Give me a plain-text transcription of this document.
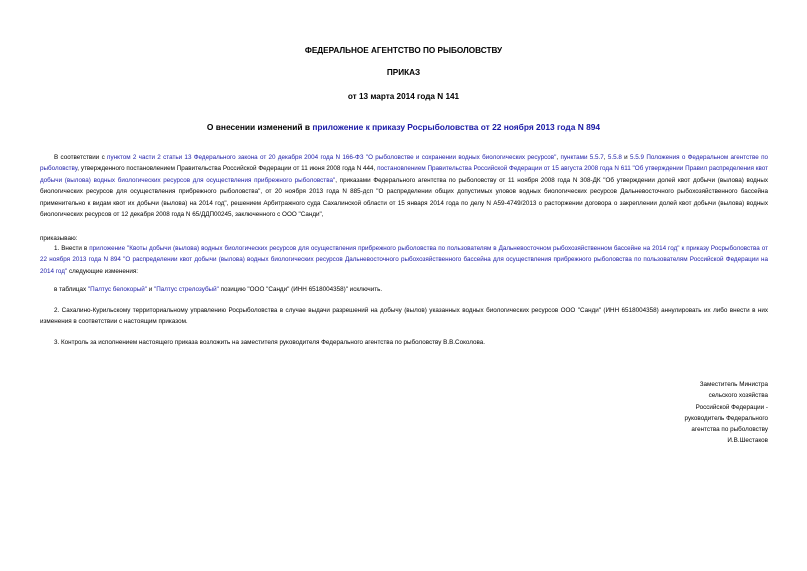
ФЕДЕРАЛЬНОЕ АГЕНТСТВО ПО РЫБОЛОВСТВУ
ПРИКАЗ
от 13 марта 2014 года N 141
О внесении изменений в приложение к приказу Росрыболовства от 22 ноября 2013 года N 894
В соответствии с пунктом 2 части 2 статьи 13 Федерального закона от 20 декабря 2004 года N 166-ФЗ "О рыболовстве и сохранении водных биологических ресурсов", пунктами 5.5.7, 5.5.8 и 5.5.9 Положения о Федеральном агентстве по рыболовству, утвержденного постановлением Правительства Российской Федерации от 11 июня 2008 года N 444, постановлением Правительства Российской Федерации от 15 августа 2008 года N 611 "Об утверждении Правил распределения квот добычи (вылова) водных биологических ресурсов для осуществления прибрежного рыболовства", приказами Федерального агентства по рыболовству от 11 ноября 2008 года N 308-ДК "Об утверждении долей квот добычи (вылова) водных биологических ресурсов для осуществления прибрежного рыболовства", от 20 ноября 2013 года N 885-дсп "О распределении общих допустимых уловов водных биологических ресурсов Дальневосточного рыбохозяйственного бассейна применительно к видам квот их добычи (вылова) на 2014 год", решением Арбитражного суда Сахалинской области от 15 января 2014 года по делу N А59-4749/2013 о расторжении договора о закреплении долей квот добычи (вылова) водных биологических ресурсов от 12 декабря 2008 года N 65/ДДП00245, заключенного с ООО "Санди",
приказываю:
1. Внести в приложение "Квоты добычи (вылова) водных биологических ресурсов для осуществления прибрежного рыболовства по пользователям в Дальневосточном рыбохозяйственном бассейне на 2014 год" к приказу Росрыболовства от 22 ноября 2013 года N 894 "О распределении квот добычи (вылова) водных биологических ресурсов Дальневосточного рыбохозяйственного бассейна для осуществления прибрежного рыболовства по пользователям Российской Федерации на 2014 год" следующие изменения:
в таблицах "Палтус белокорый" и "Палтус стрелозубый" позицию "ООО "Санди" (ИНН 6518004358)" исключить.
2. Сахалино-Курильскому территориальному управлению Росрыболовства в случае выдачи разрешений на добычу (вылов) указанных водных биологических ресурсов ООО "Санди" (ИНН 6518004358) аннулировать их либо внести в них изменения в соответствии с настоящим приказом.
3. Контроль за исполнением настоящего приказа возложить на заместителя руководителя Федерального агентства по рыболовству В.В.Соколова.
Заместитель Министра
сельского хозяйства
Российской Федерации -
руководитель Федерального
агентства по рыболовству
И.В.Шестаков
